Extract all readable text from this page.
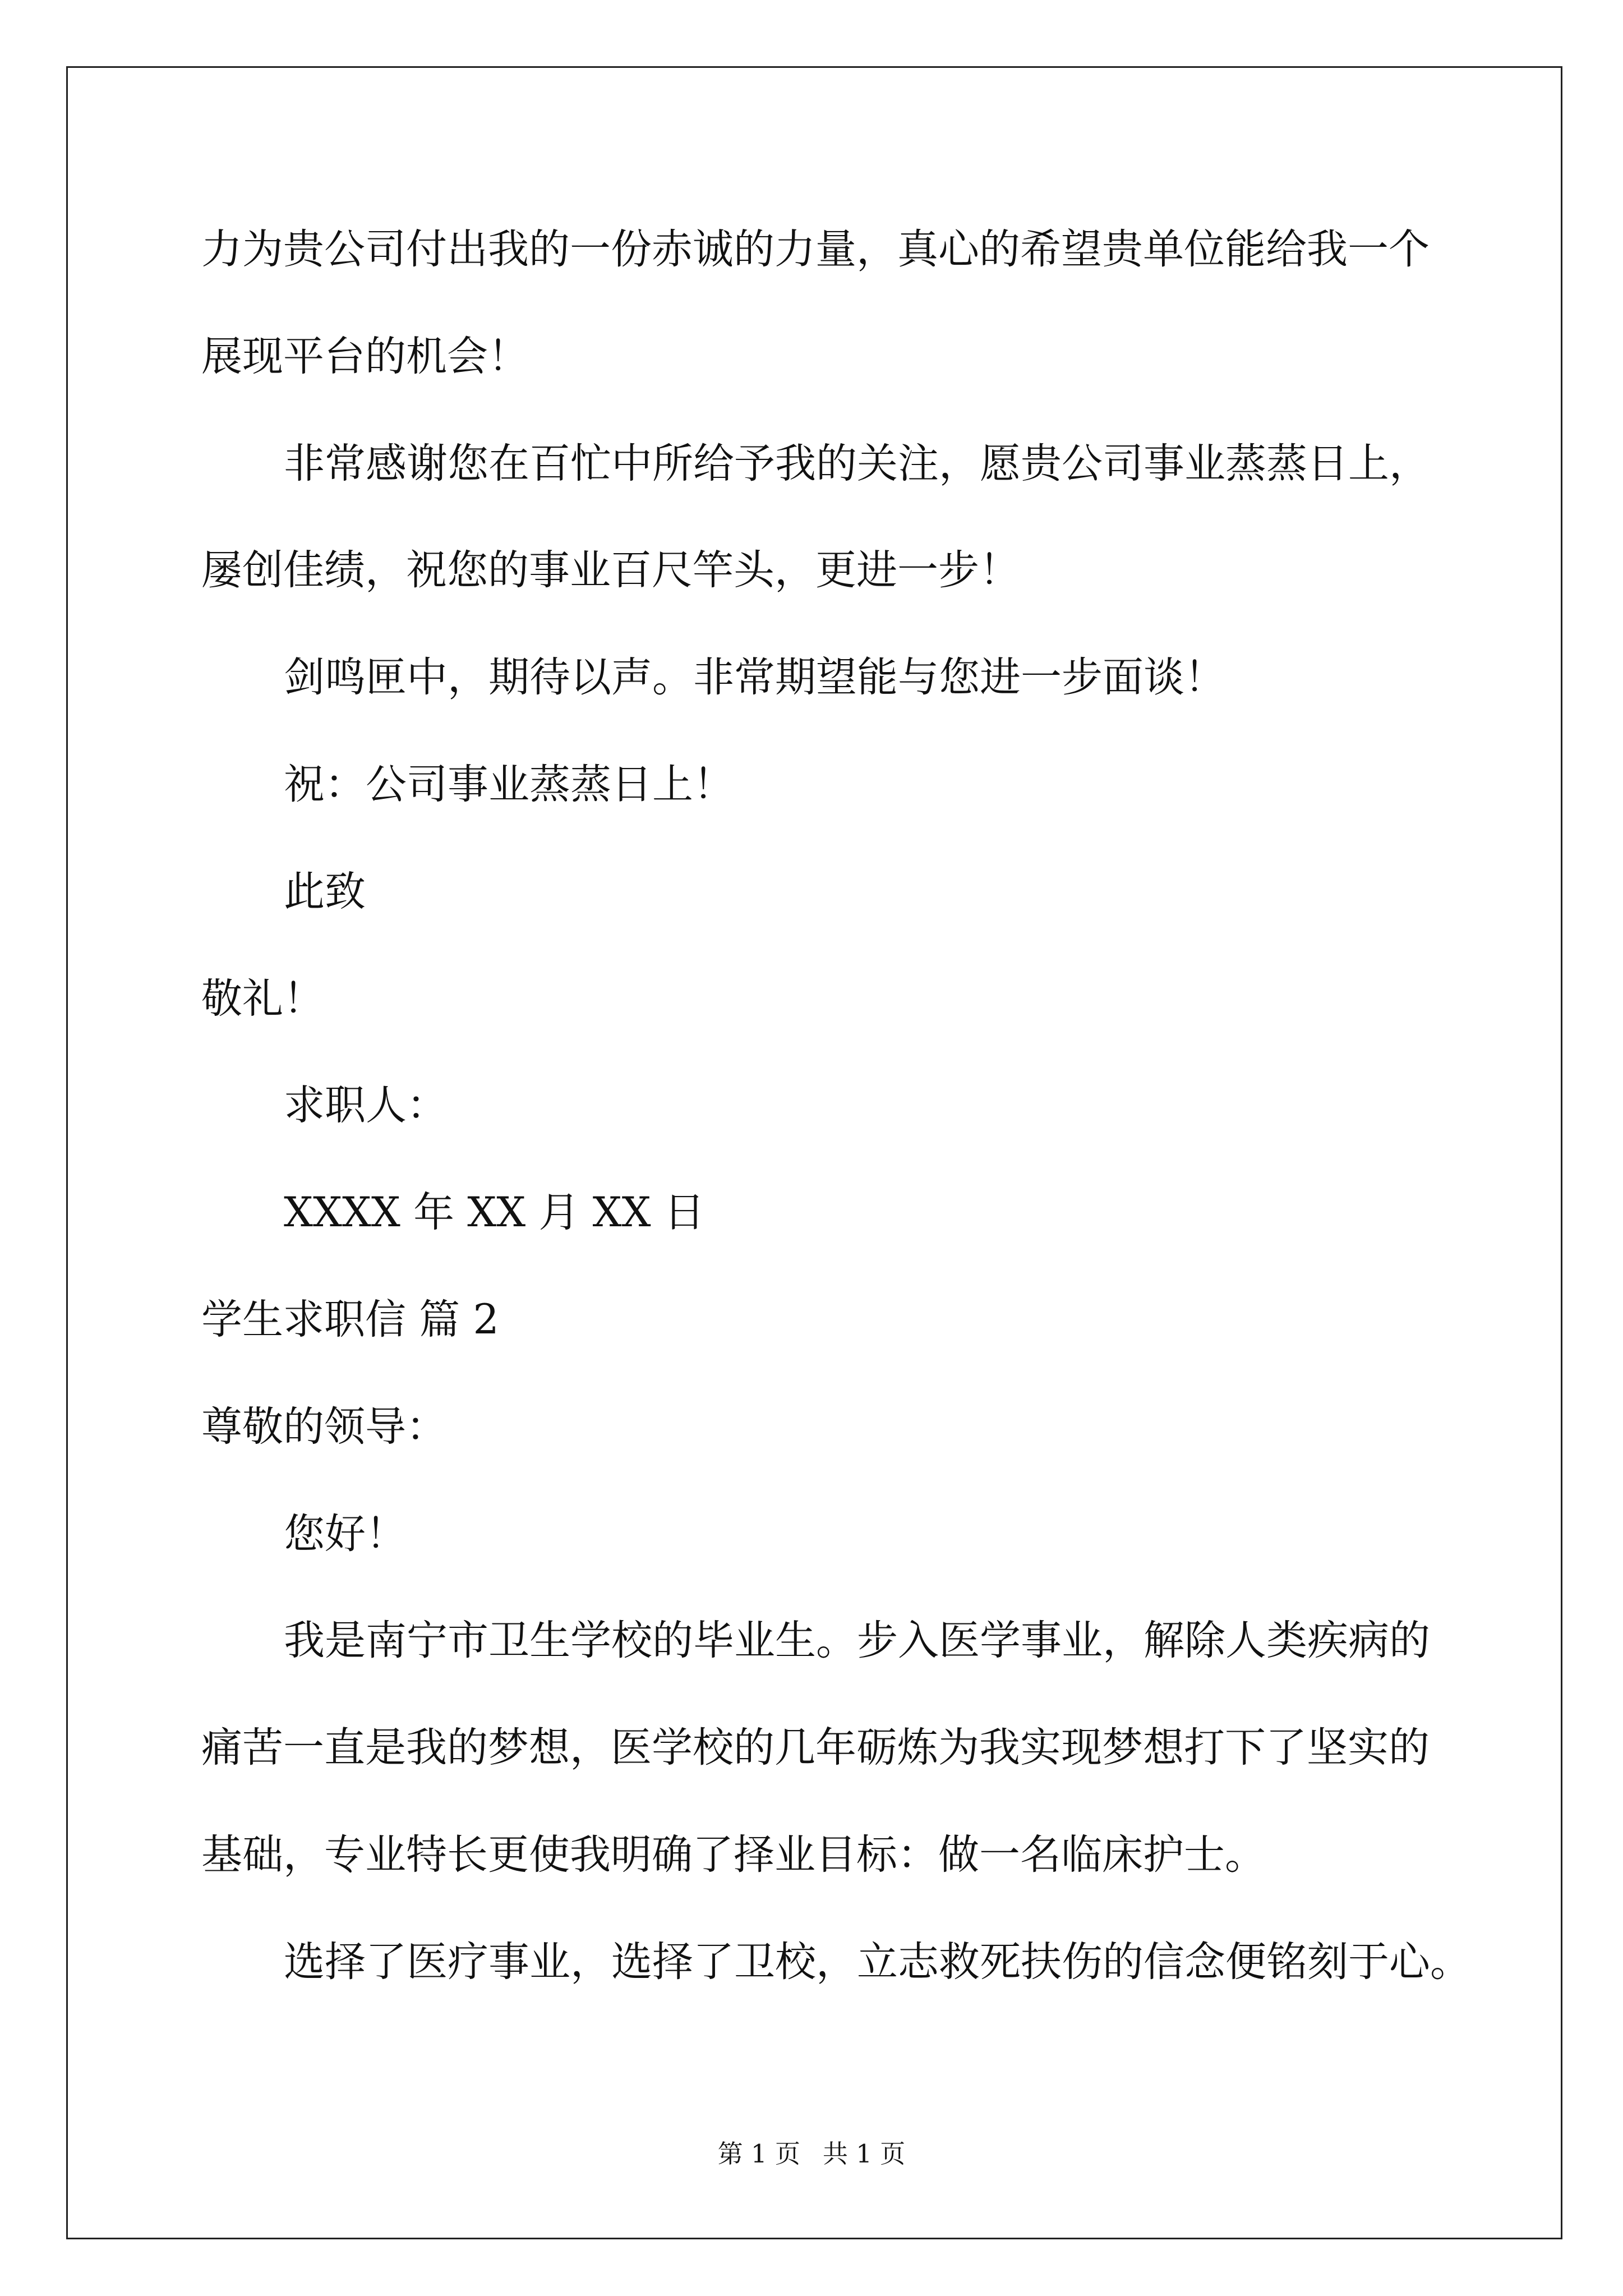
力为贵公司付出我的一份赤诚的力量，真心的希望贵单位能给我一个
展现平台的机会！
非常感谢您在百忙中所给予我的关注，愿贵公司事业蒸蒸日上，
屡创佳绩，祝您的事业百尺竿头，更进一步！
剑鸣匣中，期待以声。非常期望能与您进一步面谈！
祝：公司事业蒸蒸日上！
此致
敬礼！
求职人：
XXXX 年 XX 月 XX 日
学生求职信 篇 2
尊敬的领导：
您好！
我是南宁市卫生学校的毕业生。步入医学事业，解除人类疾病的
痛苦一直是我的梦想，医学校的几年砺炼为我实现梦想打下了坚实的
基础，专业特长更使我明确了择业目标：做一名临床护士。
选择了医疗事业，选择了卫校，立志救死扶伤的信念便铭刻于心。
第 1 页 共 1 页
